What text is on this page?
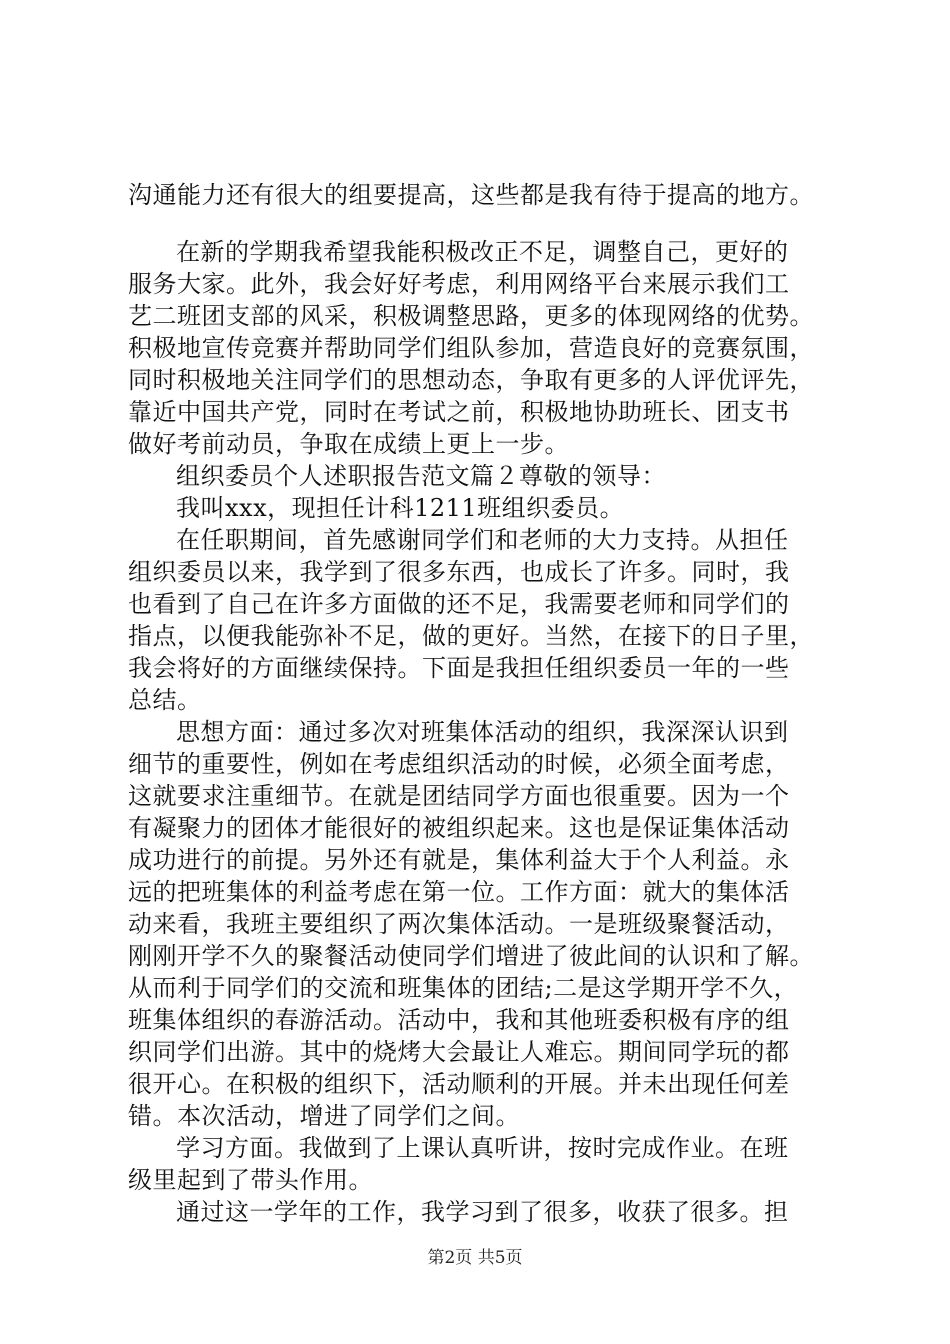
沟通能力还有很大的组要提高，这些都是我有待于提高的地方。
在新的学期我希望我能积极改正不足，调整自己，更好的
服务大家。此外，我会好好考虑，利用网络平台来展示我们工
艺二班团支部的风采，积极调整思路，更多的体现网络的优势。
积极地宣传竞赛并帮助同学们组队参加，营造良好的竞赛氛围，
同时积极地关注同学们的思想动态，争取有更多的人评优评先，
靠近中国共产党，同时在考试之前，积极地协助班长、团支书
做好考前动员，争取在成绩上更上一步。
组织委员个人述职报告范文篇２尊敬的领导：
我叫xxx，现担任计科1211班组织委员。
在任职期间，首先感谢同学们和老师的大力支持。从担任
组织委员以来，我学到了很多东西，也成长了许多。同时，我
也看到了自己在许多方面做的还不足，我需要老师和同学们的
指点，以便我能弥补不足，做的更好。当然，在接下的日子里，
我会将好的方面继续保持。下面是我担任组织委员一年的一些
总结。
思想方面：通过多次对班集体活动的组织，我深深认识到
细节的重要性，例如在考虑组织活动的时候，必须全面考虑，
这就要求注重细节。在就是团结同学方面也很重要。因为一个
有凝聚力的团体才能很好的被组织起来。这也是保证集体活动
成功进行的前提。另外还有就是，集体利益大于个人利益。永
远的把班集体的利益考虑在第一位。工作方面：就大的集体活
动来看，我班主要组织了两次集体活动。一是班级聚餐活动，
刚刚开学不久的聚餐活动使同学们增进了彼此间的认识和了解。
从而利于同学们的交流和班集体的团结;二是这学期开学不久，
班集体组织的春游活动。活动中，我和其他班委积极有序的组
织同学们出游。其中的烧烤大会最让人难忘。期间同学玩的都
很开心。在积极的组织下，活动顺利的开展。并未出现任何差
错。本次活动，增进了同学们之间。
学习方面。我做到了上课认真听讲，按时完成作业。在班
级里起到了带头作用。
通过这一学年的工作，我学习到了很多，收获了很多。担
第2页 共5页
